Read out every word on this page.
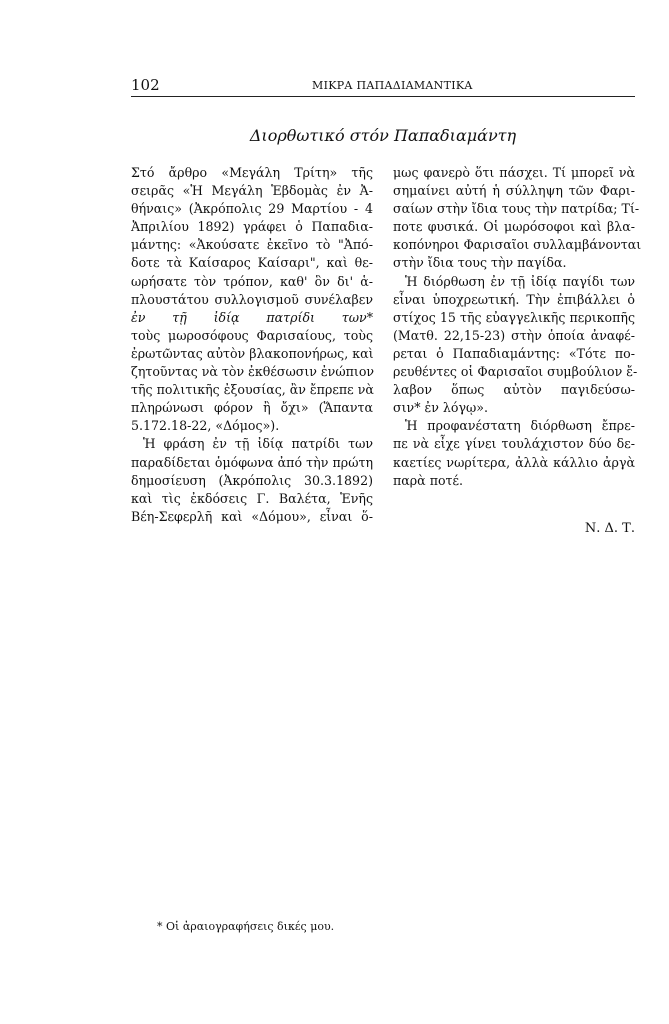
102	ΜΙΚΡΑ ΠΑΠΑΔΙΑΜΑΝΤΙΚΑ
Διορθωτικό στόν Παπαδιαμάντη
Στό ἄρθρο «Μεγάλη Τρίτη» τῆς
σειρᾶς «Ἡ Μεγάλη Ἑβδομὰς ἐν Ἀ-
θήναις» (Ἀκρόπολις 29 Μαρτίου - 4
Ἀπριλίου 1892) γράφει ὁ Παπαδια-
μάντης: «Ἀκούσατε ἐκεῖνο τὸ "Ἀπό-
δοτε τὰ Καίσαρος Καίσαρι", καὶ θε-
ωρήσατε τὸν τρόπον, καθ' ὃν δι' ἁ-
πλουστάτου συλλογισμοῦ συνέλαβεν
ἐν τῇ ἰδίᾳ πατρίδι των*
τοὺς μωροσόφους Φαρισαίους, τοὺς
ἐρωτῶντας αὐτὸν βλακοπονήρως, καὶ
ζητοῦντας νὰ τὸν ἐκθέσωσιν ἐνώπιον
τῆς πολιτικῆς ἐξουσίας, ἂν ἔπρεπε νὰ
πληρώνωσι φόρον ἢ ὄχι» (Ἅπαντα
5.172.18-22, «Δόμος»).
Ἡ φράση ἐν τῇ ἰδίᾳ πατρίδι των
παραδίδεται ὁμόφωνα ἀπό τὴν πρώτη
δημοσίευση (Ἀκρόπολις 30.3.1892)
καὶ τὶς ἐκδόσεις Γ. Βαλέτα, Ἑνῆς
Βέη-Σεφερλῆ καὶ «Δόμου», εἶναι ὅ-
μως φανερὸ ὅτι πάσχει. Τί μπορεῖ νὰ
σημαίνει αὐτή ἡ σύλληψη τῶν Φαρι-
σαίων στὴν ἴδια τους τὴν πατρίδα; Τί-
ποτε φυσικά. Οἱ μωρόσοφοι καὶ βλα-
κοπόνηροι Φαρισαῖοι συλλαμβάνονται
στὴν ἴδια τους τὴν παγίδα.
Ἡ διόρθωση ἐν τῇ ἰδίᾳ παγίδι των
εἶναι ὑποχρεωτική. Τὴν ἐπιβάλλει ὁ
στίχος 15 τῆς εὐαγγελικῆς περικοπῆς
(Ματθ. 22,15-23) στὴν ὁποία ἀναφέ-
ρεται ὁ Παπαδιαμάντης: «Τότε πο-
ρευθέντες οἱ Φαρισαῖοι συμβούλιον ἔ-
λαβον ὅπως αὐτὸν παγιδεύσω-
σιν* ἐν λόγῳ».
Ἡ προφανέστατη διόρθωση ἔπρε-
πε νὰ εἶχε γίνει τουλάχιστον δύο δε-
καετίες νωρίτερα, ἀλλὰ κάλλιο ἀργὰ
παρὰ ποτέ.
Ν. Δ. Τ.
* Οἱ ἀραιογραφήσεις δικές μου.
